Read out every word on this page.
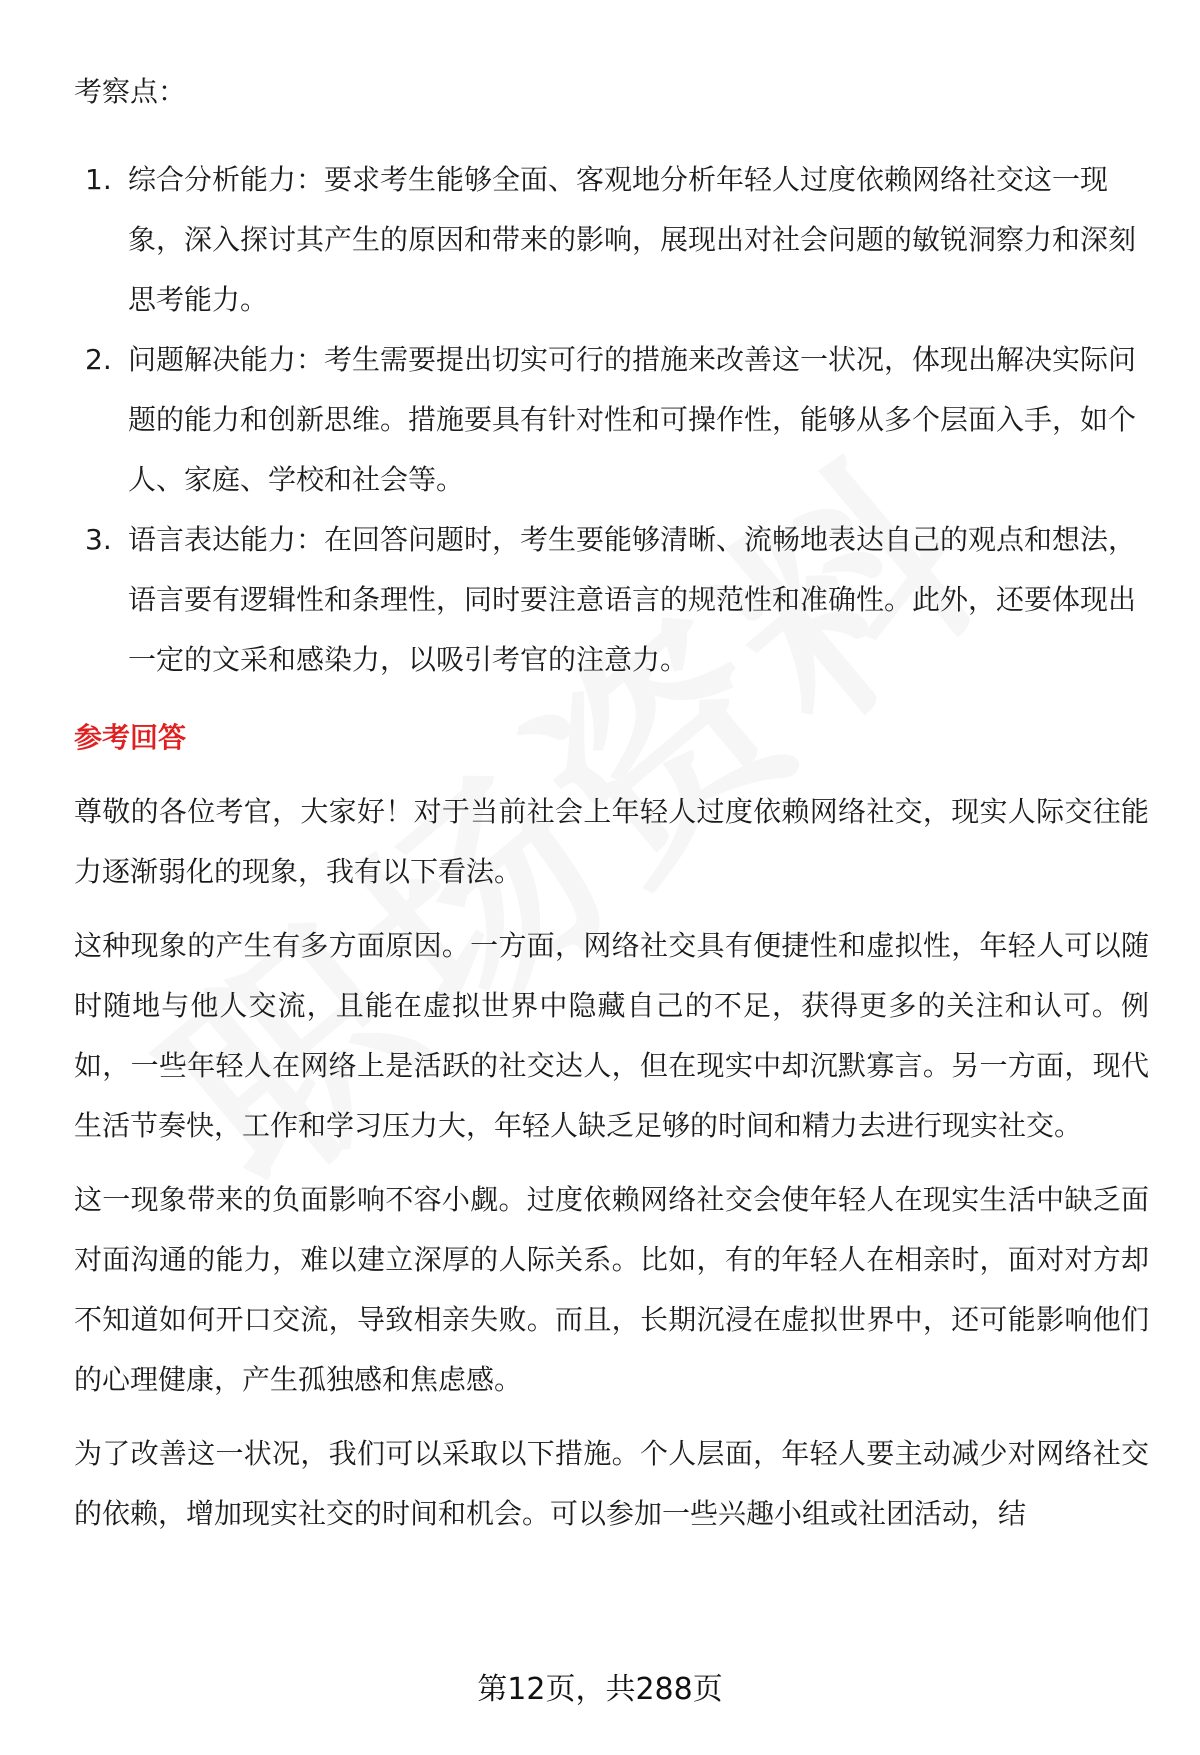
考察点：

1. 综合分析能力：要求考生能够全面、客观地分析年轻人过度依赖网络社交这一现象，深入探讨其产生的原因和带来的影响，展现出对社会问题的敏锐洞察力和深刻思考能力。
2. 问题解决能力：考生需要提出切实可行的措施来改善这一状况，体现出解决实际问题的能力和创新思维。措施要具有针对性和可操作性，能够从多个层面入手，如个人、家庭、学校和社会等。
3. 语言表达能力：在回答问题时，考生要能够清晰、流畅地表达自己的观点和想法，语言要有逻辑性和条理性，同时要注意语言的规范性和准确性。此外，还要体现出一定的文采和感染力，以吸引考官的注意力。
参考回答

尊敬的各位考官，大家好！对于当前社会上年轻人过度依赖网络社交，现实人际交往能力逐渐弱化的现象，我有以下看法。

这种现象的产生有多方面原因。一方面，网络社交具有便捷性和虚拟性，年轻人可以随时随地与他人交流，且能在虚拟世界中隐藏自己的不足，获得更多的关注和认可。例如，一些年轻人在网络上是活跃的社交达人，但在现实中却沉默寡言。另一方面，现代生活节奏快，工作和学习压力大，年轻人缺乏足够的时间和精力去进行现实社交。

这一现象带来的负面影响不容小觑。过度依赖网络社交会使年轻人在现实生活中缺乏面对面沟通的能力，难以建立深厚的人际关系。比如，有的年轻人在相亲时，面对对方却不知道如何开口交流，导致相亲失败。而且，长期沉浸在虚拟世界中，还可能影响他们的心理健康，产生孤独感和焦虑感。

为了改善这一状况，我们可以采取以下措施。个人层面，年轻人要主动减少对网络社交的依赖，增加现实社交的时间和机会。可以参加一些兴趣小组或社团活动，结

第12页，共288页
